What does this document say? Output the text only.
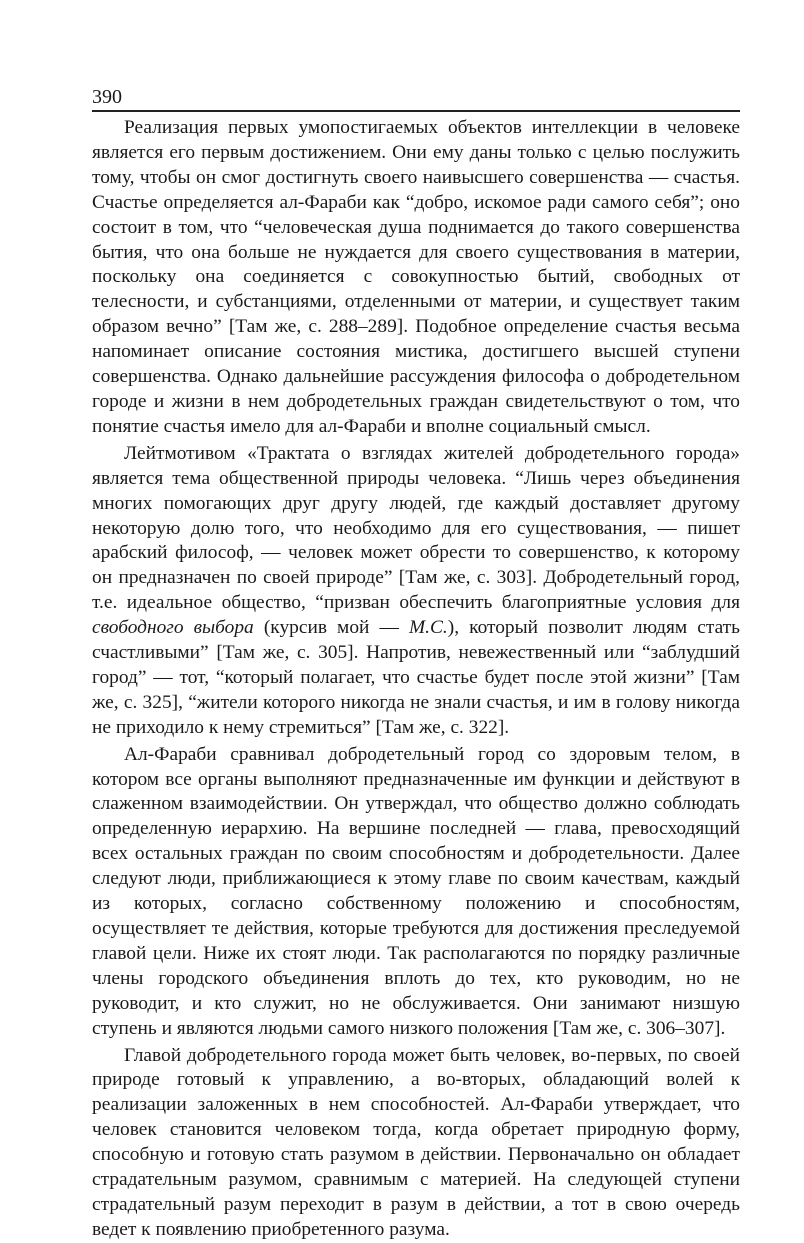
390

Реализация первых умопостигаемых объектов интеллекции в человеке является его первым достижением. Они ему даны только с целью послужить тому, чтобы он смог достигнуть своего наивысшего совершенства — счастья. Счастье определяется ал-Фараби как “добро, искомое ради самого себя”; оно состоит в том, что “человеческая душа поднимается до такого совершенства бытия, что она больше не нуждается для своего существования в материи, поскольку она соединяется с совокупностью бытий, свободных от телесности, и субстанциями, отделенными от материи, и существует таким образом вечно” [Там же, с. 288–289]. Подобное определение счастья весьма напоминает описание состояния мистика, достигшего высшей ступени совершенства. Однако дальнейшие рассуждения философа о добродетельном городе и жизни в нем добродетельных граждан свидетельствуют о том, что понятие счастья имело для ал-Фараби и вполне социальный смысл.

Лейтмотивом «Трактата о взглядах жителей добродетельного города» является тема общественной природы человека. “Лишь через объединения многих помогающих друг другу людей, где каждый доставляет другому некоторую долю того, что необходимо для его существования, — пишет арабский философ, — человек может обрести то совершенство, к которому он предназначен по своей природе” [Там же, с. 303]. Добродетельный город, т.е. идеальное общество, “призван обеспечить благоприятные условия для свободного выбора (курсив мой — М.С.), который позволит людям стать счастливыми” [Там же, с. 305]. Напротив, невежественный или “заблудший город” — тот, “который полагает, что счастье будет после этой жизни” [Там же, с. 325], “жители которого никогда не знали счастья, и им в голову никогда не приходило к нему стремиться” [Там же, с. 322].

Ал-Фараби сравнивал добродетельный город со здоровым телом, в котором все органы выполняют предназначенные им функции и действуют в слаженном взаимодействии. Он утверждал, что общество должно соблюдать определенную иерархию. На вершине последней — глава, превосходящий всех остальных граждан по своим способностям и добродетельности. Далее следуют люди, приближающиеся к этому главе по своим качествам, каждый из которых, согласно собственному положению и способностям, осуществляет те действия, которые требуются для достижения преследуемой главой цели. Ниже их стоят люди. Так располагаются по порядку различные члены городского объединения вплоть до тех, кто руководим, но не руководит, и кто служит, но не обслуживается. Они занимают низшую ступень и являются людьми самого низкого положения [Там же, с. 306–307].

Главой добродетельного города может быть человек, во-первых, по своей природе готовый к управлению, а во-вторых, обладающий волей к реализации заложенных в нем способностей. Ал-Фараби утверждает, что человек становится человеком тогда, когда обретает природную форму, способную и готовую стать разумом в действии. Первоначально он обладает страдательным разумом, сравнимым с материей. На следующей ступени страдательный разум переходит в разум в действии, а тот в свою очередь ведет к появлению приобретенного разума.
